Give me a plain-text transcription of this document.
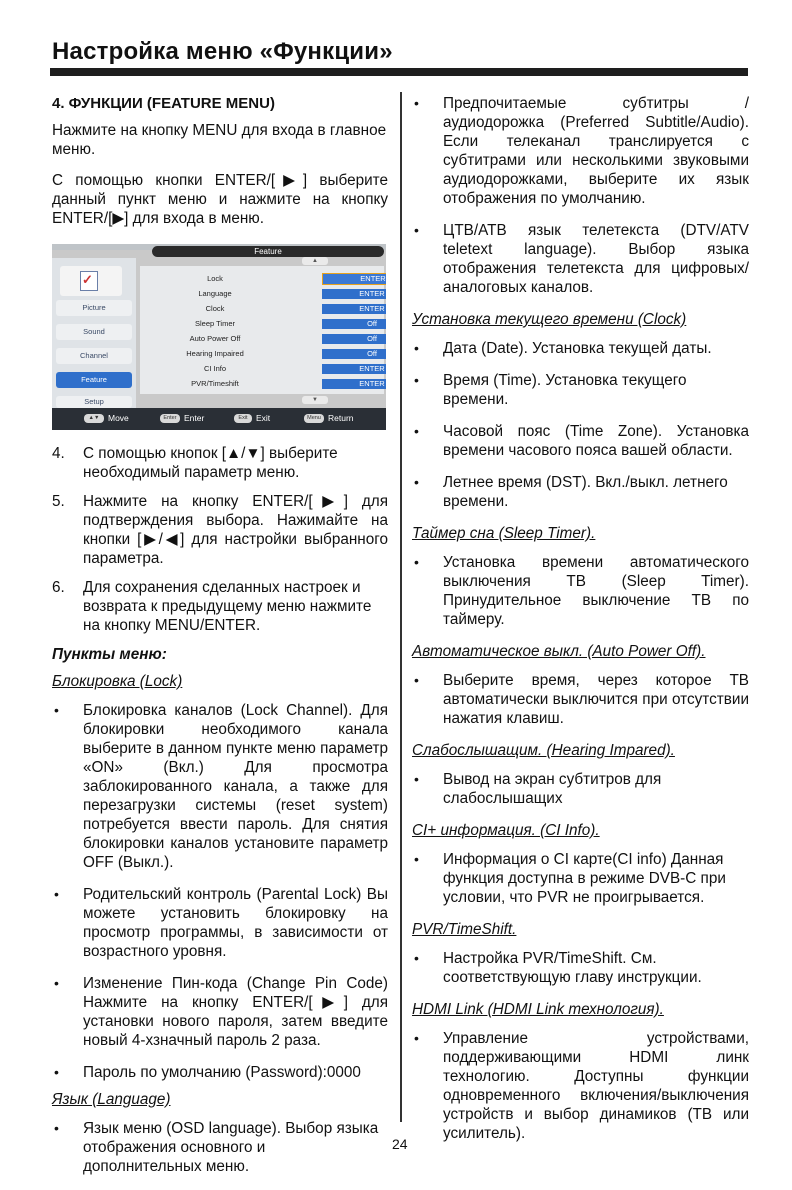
Настройка меню «Функции»

4. ФУНКЦИИ (FEATURE MENU)

Нажмите на кнопку MENU для входа в главное меню.

С помощью кнопки ENTER/[▶] выберите данный пункт меню и нажмите на кнопку ENTER/[▶] для входа в меню.

Feature
▲
✓
Picture
Sound
Channel
Feature
Setup
Lock	ENTER
Language	ENTER
Clock	ENTER
Sleep Timer	Off
Auto Power Off	Off
Hearing Impaired	Off
CI Info	ENTER
PVR/Timeshift	ENTER
▼
▲▼	Move	Enter Enter	Exit Exit	Menu Return
4. С помощью кнопок [▲/▼] выберите необходимый параметр меню.

5. Нажмите на кнопку ENTER/[▶] для подтверждения выбора. Нажимайте на кнопки [▶/◀] для настройки выбранного параметра.

6. Для сохранения сделанных настроек и возврата к предыдущему меню нажмите на кнопку MENU/ENTER.

Пункты меню:

Блокировка (Lock)

• Блокировка каналов (Lock Channel). Для блокировки необходимого канала выберите в данном пункте меню параметр «ON» (Вкл.) Для просмотра заблокированного канала, а также для перезагрузки системы (reset system) потребуется ввести пароль. Для снятия блокировки каналов установите параметр OFF (Выкл.).

• Родительский контроль (Parental Lock) Вы можете установить блокировку на просмотр программы, в зависимости от возрастного уровня.

• Изменение Пин-кода (Change Pin Code) Нажмите на кнопку ENTER/[▶] для установки нового пароля, затем введите новый 4-хзначный пароль 2 раза.

• Пароль по умолчанию (Password):0000

Язык (Language)

• Язык меню (OSD language). Выбор языка отображения основного и дополнительных меню.

• Предпочитаемые субтитры / аудиодорожка (Preferred Subtitle/Audio). Если телеканал транслируется с субтитрами или несколькими звуковыми аудиодорожками, выберите их язык отображения по умолчанию.

• ЦТВ/АТВ язык телетекста (DTV/ATV teletext language). Выбор языка отображения телетекста для цифровых/аналоговых каналов.

Установка текущего времени (Clock)

• Дата (Date). Установка текущей даты.

• Время (Time). Установка текущего времени.

• Часовой пояс (Time Zone). Установка времени часового пояса вашей области.

• Летнее время (DST). Вкл./выкл. летнего времени.

Таймер сна (Sleep Timer).

• Установка времени автоматического выключения ТВ (Sleep Timer). Принудительное выключение ТВ по таймеру.

Автоматическое выкл. (Auto Power Off).

• Выберите время, через которое ТВ автоматически выключится при отсутствии нажатия клавиш.

Слабослышащим. (Hearing Impared).

• Вывод на экран субтитров для слабослышащих

CI+ информация. (CI Info).

• Информация о CI карте(CI info) Данная функция доступна в режиме DVB-C при условии, что PVR не проигрывается.

PVR/TimeShift.

• Настройка PVR/TimeShift. См. соответствующую главу инструкции.

HDMI Link (HDMI Link технология).

• Управление устройствами, поддерживающими HDMI линк технологию. Доступны функции одновременного включения/выключения устройств и выбор динамиков (ТВ или усилитель).

24
